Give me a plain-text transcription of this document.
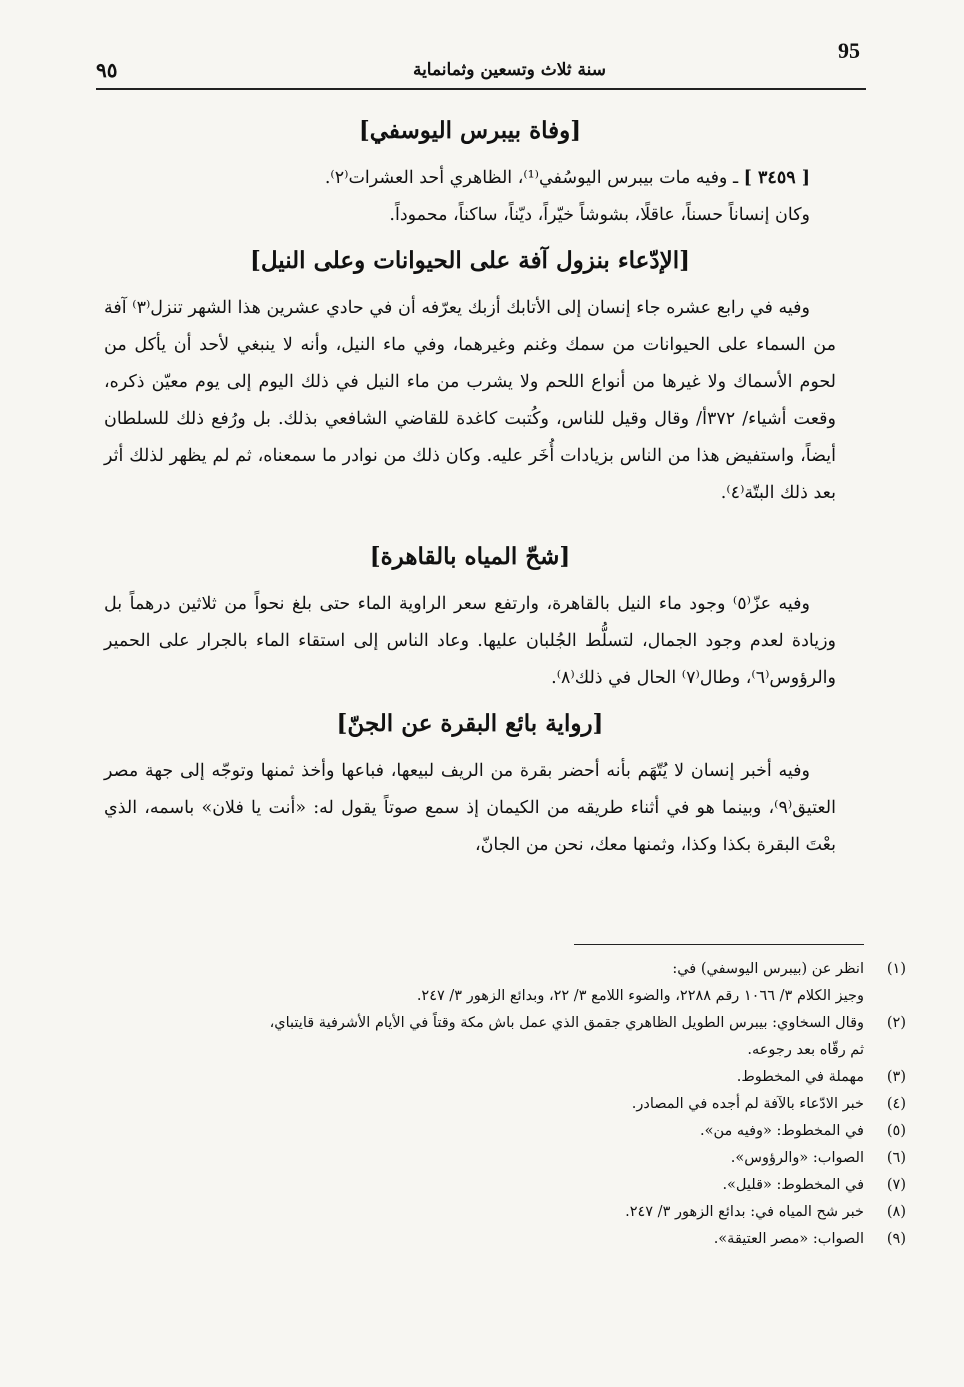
95
سنة ثلاث وتسعين وثمانماية
٩٥
[وفاة بيبرس اليوسفي]

[ ٣٤٥٩ ] ـ وفيه مات بيبرس اليوسُفي⁽¹⁾، الظاهري أحد العشرات⁽٢⁾.

وكان إنساناً حسناً، عاقلًا، بشوشاً خيّراً، ديّناً، ساكناً، محموداً.

[الإدّعاء بنزول آفة على الحيوانات وعلى النيل]

وفيه في رابع عشره جاء إنسان إلى الأتابك أزبك يعرّفه أن في حادي عشرين هذا الشهر تنزل⁽٣⁾ آفة من السماء على الحيوانات من سمك وغنم وغيرهما، وفي ماء النيل، وأنه لا ينبغي لأحد أن يأكل من لحوم الأسماك ولا غيرها من أنواع اللحم ولا يشرب من ماء النيل في ذلك اليوم إلى يوم معيّن ذكره، وقعت أشياء/ ٣٧٢أ/ وقال وقيل للناس، وكُتبت كاغدة للقاضي الشافعي بذلك. بل ورُفع ذلك للسلطان أيضاً، واستفيض هذا من الناس بزيادات أُخَر عليه. وكان ذلك من نوادر ما سمعناه، ثم لم يظهر لذلك أثر بعد ذلك البتّة⁽٤⁾.

[شحّ المياه بالقاهرة]

وفيه عزّ⁽٥⁾ وجود ماء النيل بالقاهرة، وارتفع سعر الراوية الماء حتى بلغ نحواً من ثلاثين درهماً بل وزيادة لعدم وجود الجمال، لتسلُّط الجُلبان عليها. وعاد الناس إلى استقاء الماء بالجرار على الحمير والرؤوس⁽٦⁾، وطال⁽٧⁾ الحال في ذلك⁽٨⁾.

[رواية بائع البقرة عن الجنّ]

وفيه أخبر إنسان لا يُتّهَم بأنه أحضر بقرة من الريف لبيعها، فباعها وأخذ ثمنها وتوجّه إلى جهة مصر العتيق⁽٩⁾، وبينما هو في أثناء طريقه من الكيمان إذ سمع صوتاً يقول له: «أنت يا فلان» باسمه، الذي بعْتَ البقرة بكذا وكذا، وثمنها معك، نحن من الجانّ،

(١)
انظر عن (بيبرس اليوسفي) في:
وجيز الكلام ٣/ ١٠٦٦ رقم ٢٢٨٨، والضوء اللامع ٣/ ٢٢، وبدائع الزهور ٣/ ٢٤٧.
(٢)
وقال السخاوي: بيبرس الطويل الظاهري جقمق الذي عمل باش مكة وقتاً في الأيام الأشرفية قايتباي،
ثم رقّاه بعد رجوعه.
(٣)
مهملة في المخطوط.
(٤)
خبر الادّعاء بالآفة لم أجده في المصادر.
(٥)
في المخطوط: «وفيه من».
(٦)
الصواب: «والرؤوس».
(٧)
في المخطوط: «قليل».
(٨)
خبر شح المياه في: بدائع الزهور ٣/ ٢٤٧.
(٩)
الصواب: «مصر العتيقة».
